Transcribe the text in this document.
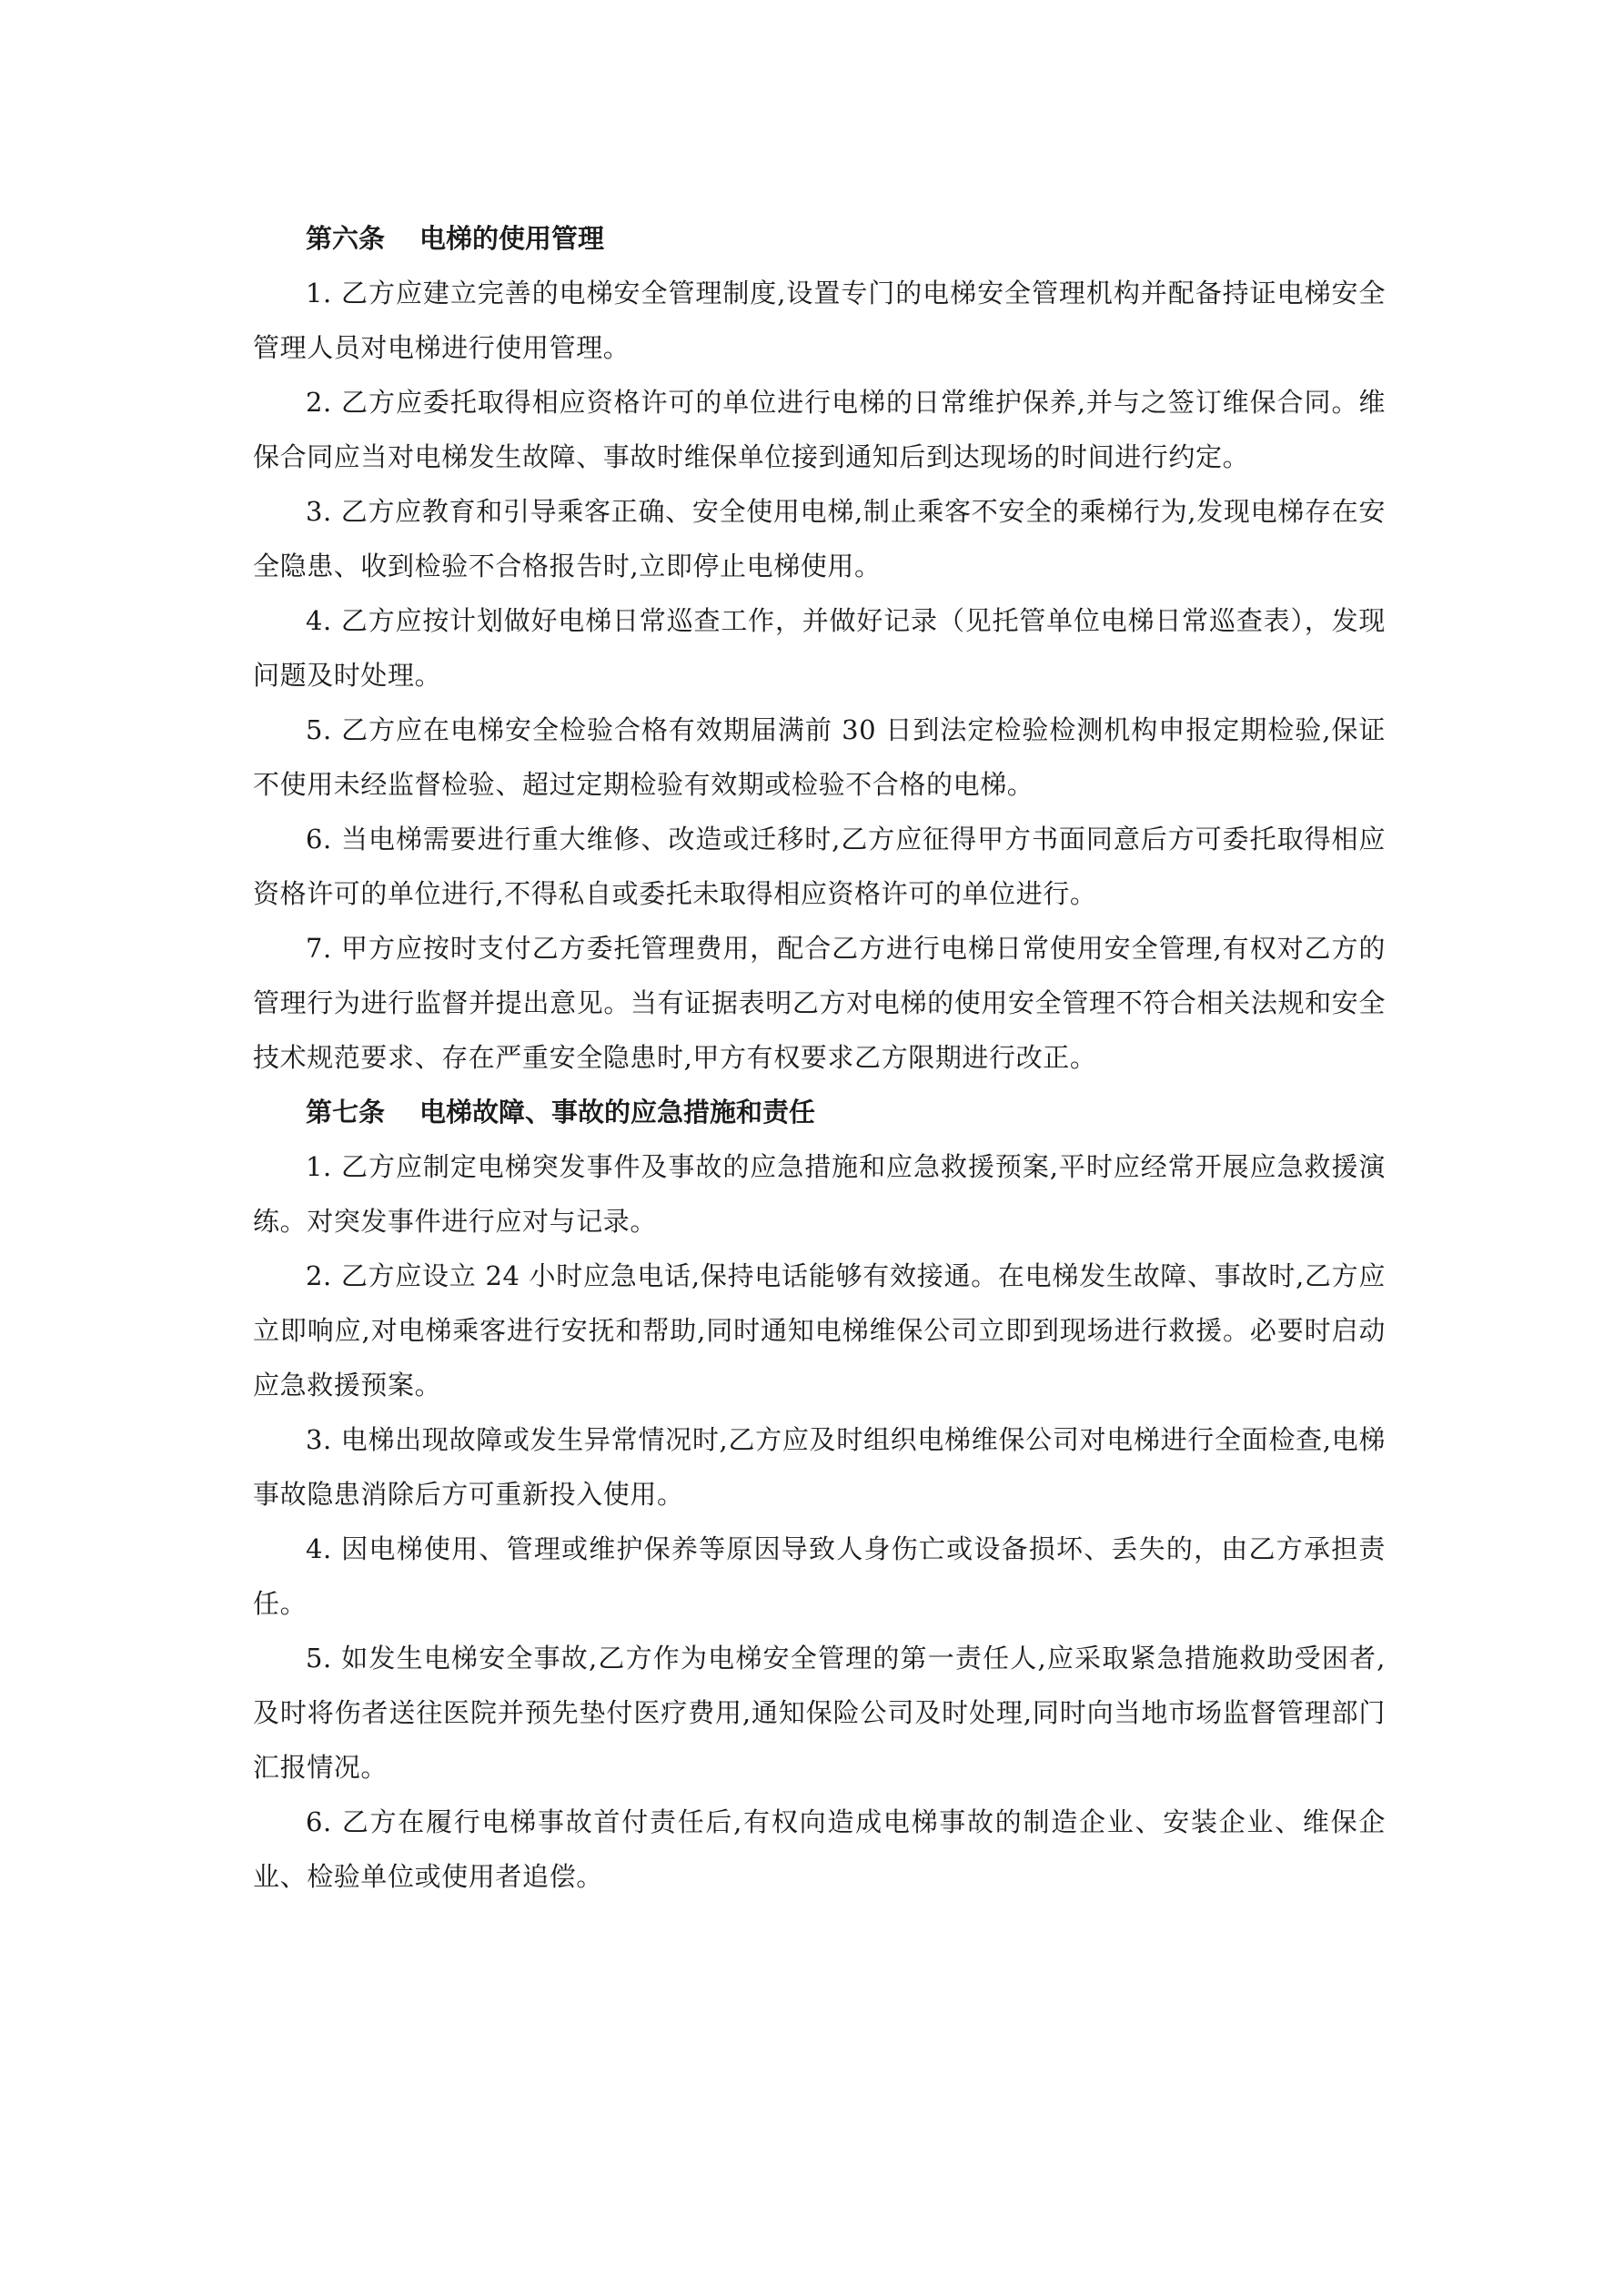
第六条 电梯的使用管理

1. 乙方应建立完善的电梯安全管理制度,设置专门的电梯安全管理机构并配备持证电梯安全管理人员对电梯进行使用管理。

2. 乙方应委托取得相应资格许可的单位进行电梯的日常维护保养,并与之签订维保合同。维保合同应当对电梯发生故障、事故时维保单位接到通知后到达现场的时间进行约定。

3. 乙方应教育和引导乘客正确、安全使用电梯,制止乘客不安全的乘梯行为,发现电梯存在安全隐患、收到检验不合格报告时,立即停止电梯使用。

4. 乙方应按计划做好电梯日常巡查工作，并做好记录（见托管单位电梯日常巡查表），发现问题及时处理。

5. 乙方应在电梯安全检验合格有效期届满前 30 日到法定检验检测机构申报定期检验,保证不使用未经监督检验、超过定期检验有效期或检验不合格的电梯。

6. 当电梯需要进行重大维修、改造或迁移时,乙方应征得甲方书面同意后方可委托取得相应资格许可的单位进行,不得私自或委托未取得相应资格许可的单位进行。

7. 甲方应按时支付乙方委托管理费用，配合乙方进行电梯日常使用安全管理,有权对乙方的管理行为进行监督并提出意见。当有证据表明乙方对电梯的使用安全管理不符合相关法规和安全技术规范要求、存在严重安全隐患时,甲方有权要求乙方限期进行改正。

第七条 电梯故障、事故的应急措施和责任

1. 乙方应制定电梯突发事件及事故的应急措施和应急救援预案,平时应经常开展应急救援演练。对突发事件进行应对与记录。

2. 乙方应设立 24 小时应急电话,保持电话能够有效接通。在电梯发生故障、事故时,乙方应立即响应,对电梯乘客进行安抚和帮助,同时通知电梯维保公司立即到现场进行救援。必要时启动应急救援预案。

3. 电梯出现故障或发生异常情况时,乙方应及时组织电梯维保公司对电梯进行全面检查,电梯事故隐患消除后方可重新投入使用。

4. 因电梯使用、管理或维护保养等原因导致人身伤亡或设备损坏、丢失的，由乙方承担责任。

5. 如发生电梯安全事故,乙方作为电梯安全管理的第一责任人,应采取紧急措施救助受困者,及时将伤者送往医院并预先垫付医疗费用,通知保险公司及时处理,同时向当地市场监督管理部门汇报情况。

6. 乙方在履行电梯事故首付责任后,有权向造成电梯事故的制造企业、安装企业、维保企业、检验单位或使用者追偿。
